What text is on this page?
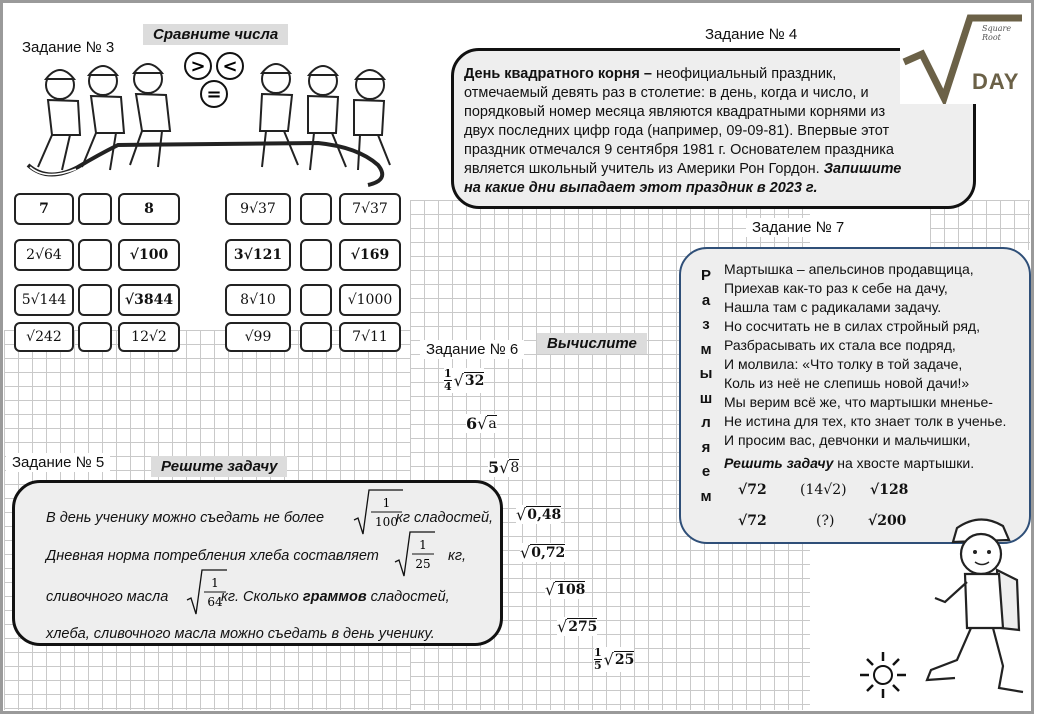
Задание № 3
Сравните числа
> <
=
7	8	9√37	7√37
2√64	√100	3√121	√169
5√144	√3844	8√10	√1000
√242	12√2	√99	7√11
Задание № 4
День квадратного корня – неофициальный праздник, отмечаемый девять раз в столетие: в день, когда и число, и порядковый номер месяца являются квадратными корнями из двух последних цифр года (например, 09-09-81). Впервые этот праздник отмечался 9 сентября 1981 г. Основателем праздника является школьный учитель из Америки Рон Гордон. Запишите на какие дни выпадает этот праздник в 2023 г.
Square Root
DAY
Задание № 7
Р
а
з
м
ы
ш
л
я
е
м
Мартышка – апельсинов продавщица,
Приехав как-то раз к себе на дачу,
Нашла там с радикалами задачу.
Но сосчитать не в силах стройный ряд,
Разбрасывать их стала все подряд,
И молвила: «Что толку в той задаче,
Коль из неё не слепишь новой дачи!»
Мы верим всё же, что мартышки мненье-
Не истина для тех, кто знает толк в ученье.
И просим вас, девчонки и мальчишки,
Решить задачу на хвосте мартышки.
√72 (14√2) √128
√72	(?) √200
Задание № 6	Вычислите
$\frac{1}{4}$ √ 32
6 √ a
5 √ 8
√ 0,48
√ 0,72
√ 108
√ 275
$\frac{1}{5}$ √ 25
Задание № 5	Решите задачу
В день ученику можно съедать не более
1
100
кг сладостей,
Дневная норма потребления хлеба составляет
1
25 кг,
сливочного масла
1
64
кг. Сколько граммов сладостей,
хлеба, сливочного масла можно съедать в день ученику.
